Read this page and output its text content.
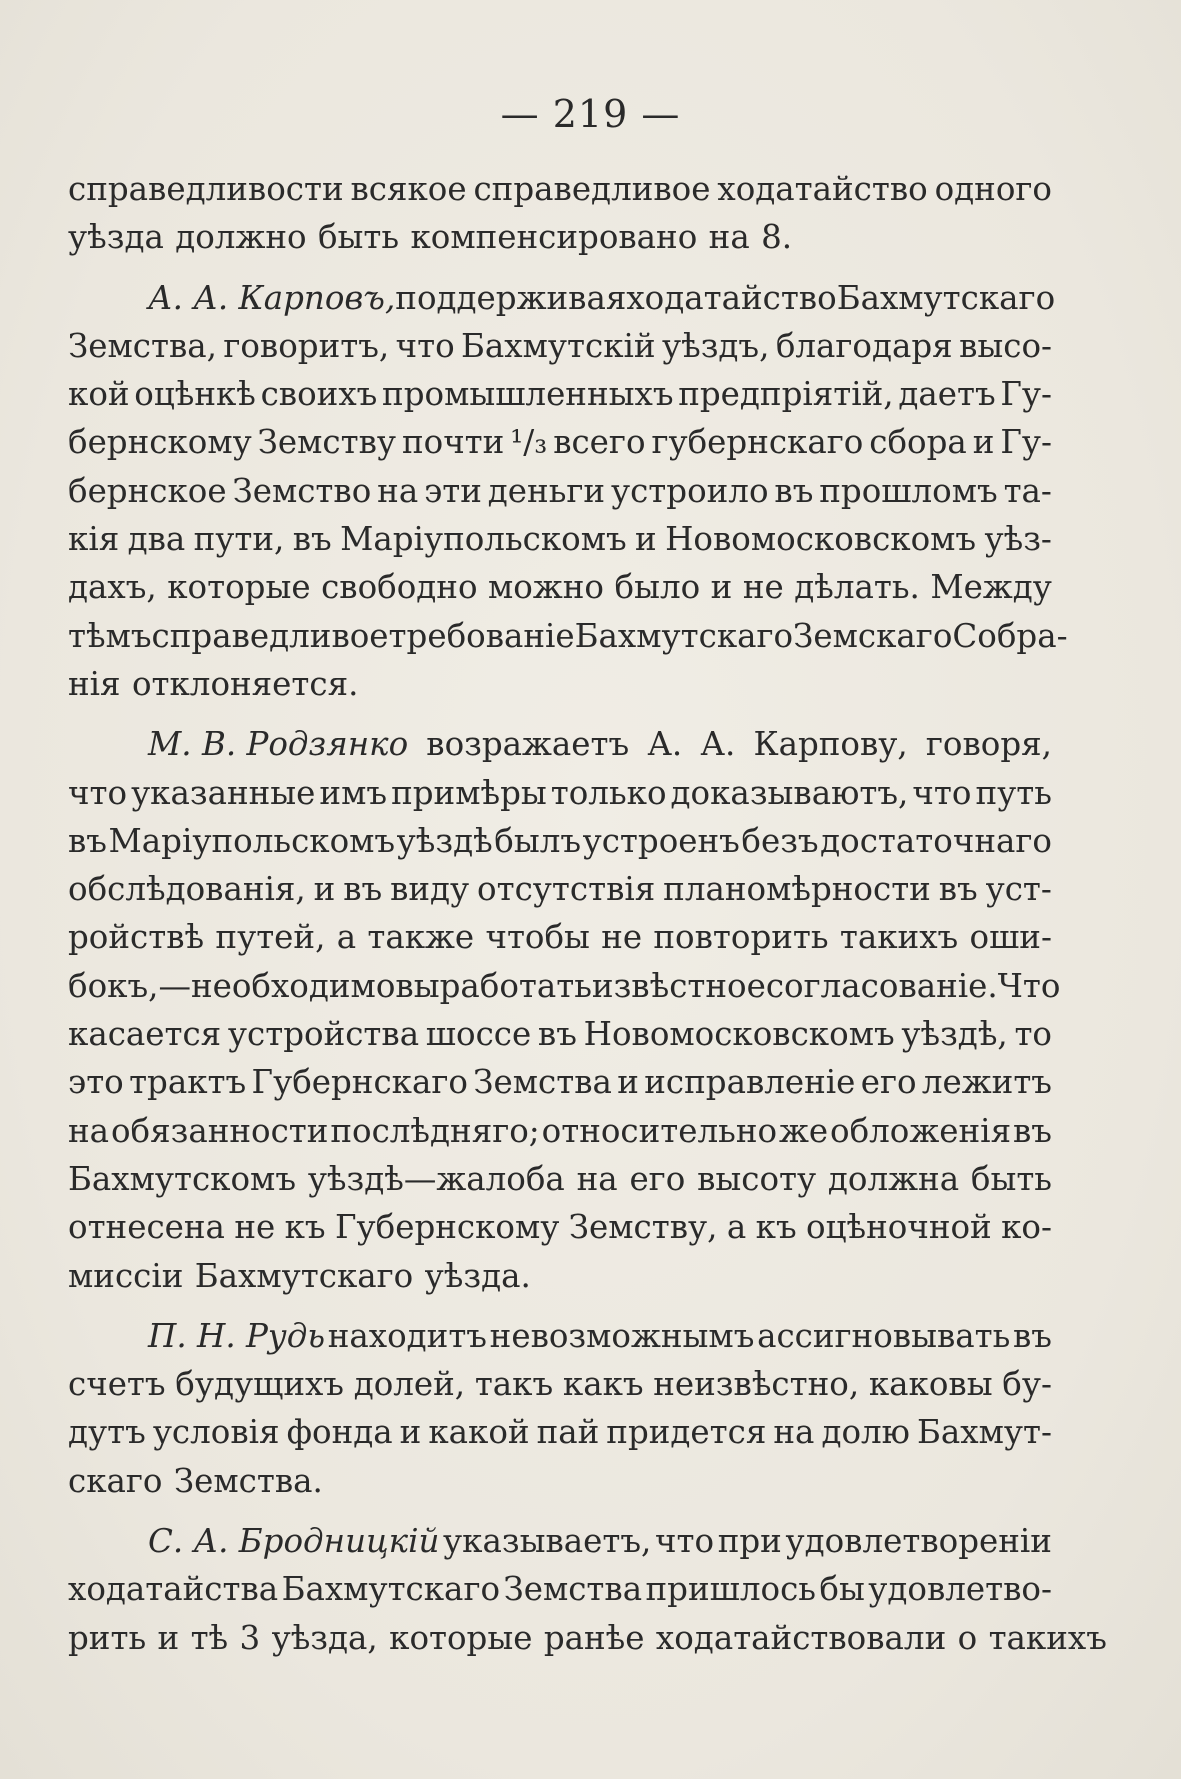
— 219 —
справедливости всякое справедливое ходатайство одного
уѣзда должно быть компенсировано на 8.
А. А. Карповъ, поддерживая ходатайство Бахмутскаго
Земства, говоритъ, что Бахмутскій уѣздъ, благодаря высо-
кой оцѣнкѣ своихъ промышленныхъ предпріятій, даетъ Гу-
бернскому Земству почти ¹/₃ всего губернскаго сбора и Гу-
бернское Земство на эти деньги устроило въ прошломъ та-
кія два пути, въ Маріупольскомъ и Новомосковскомъ уѣз-
дахъ, которые свободно можно было и не дѣлать. Между
тѣмъ справедливое требованіе Бахмутскаго Земскаго Собра-
нія отклоняется.
М. В. Родзянко возражаетъ А. А. Карпову, говоря,
что указанные имъ примѣры только доказываютъ, что путь
въ Маріупольскомъ уѣздѣ былъ устроенъ безъ достаточнаго
обслѣдованія, и въ виду отсутствія планомѣрности въ уст-
ройствѣ путей, а также чтобы не повторить такихъ оши-
бокъ,—необходимо выработать извѣстное согласованіе. Что
касается устройства шоссе въ Новомосковскомъ уѣздѣ, то
это трактъ Губернскаго Земства и исправленіе его лежитъ
на обязанности послѣдняго; относительно же обложенія въ
Бахмутскомъ уѣздѣ—жалоба на его высоту должна быть
отнесена не къ Губернскому Земству, а къ оцѣночной ко-
миссіи Бахмутскаго уѣзда.
П. Н. Рудь находитъ невозможнымъ ассигновывать въ
счетъ будущихъ долей, такъ какъ неизвѣстно, каковы бу-
дутъ условія фонда и какой пай придется на долю Бахмут-
скаго Земства.
С. А. Бродницкій указываетъ, что при удовлетвореніи
ходатайства Бахмутскаго Земства пришлось бы удовлетво-
рить и тѣ 3 уѣзда, которые ранѣе ходатайствовали о такихъ
